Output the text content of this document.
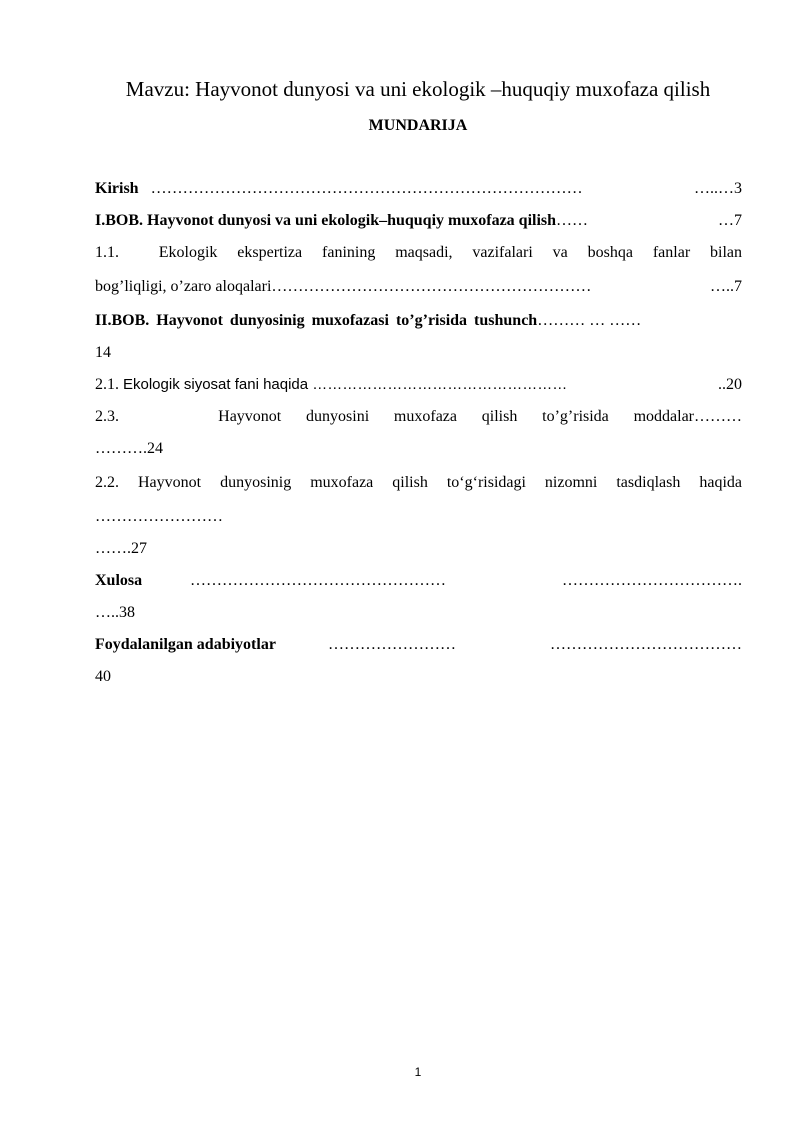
Mavzu: Hayvonot dunyosi va uni ekologik –huquqiy muxofaza qilish
MUNDARIJA
Kirish ………………………………………………………………………	…..…3
I.BOB. Hayvonot dunyosi va uni ekologik–huquqiy muxofaza qilish……	…7
1.1. Ekologik ekspertiza fanining maqsadi, vazifalari va boshqa fanlar bilan
bog’liqligi, o’zaro aloqalari……………………………………………………	…..7
II.BOB. Hayvonot dunyosinig muxofazasi to’g’risida tushunch……… … ……
14
2.1. Ekologik siyosat fani haqida ……………………………………………	..20
2.3.	Hayvonot dunyosini muxofaza qilish to’g’risida moddalar………
……….24
2.2. Hayvonot dunyosinig muxofaza qilish to‘g‘risidagi nizomni tasdiqlash haqida
……………………
…….27
Xulosa	…………………………………………	…………………………….
…..38
Foydalanilgan adabiyotlar	……………………	………………………………
40
1
